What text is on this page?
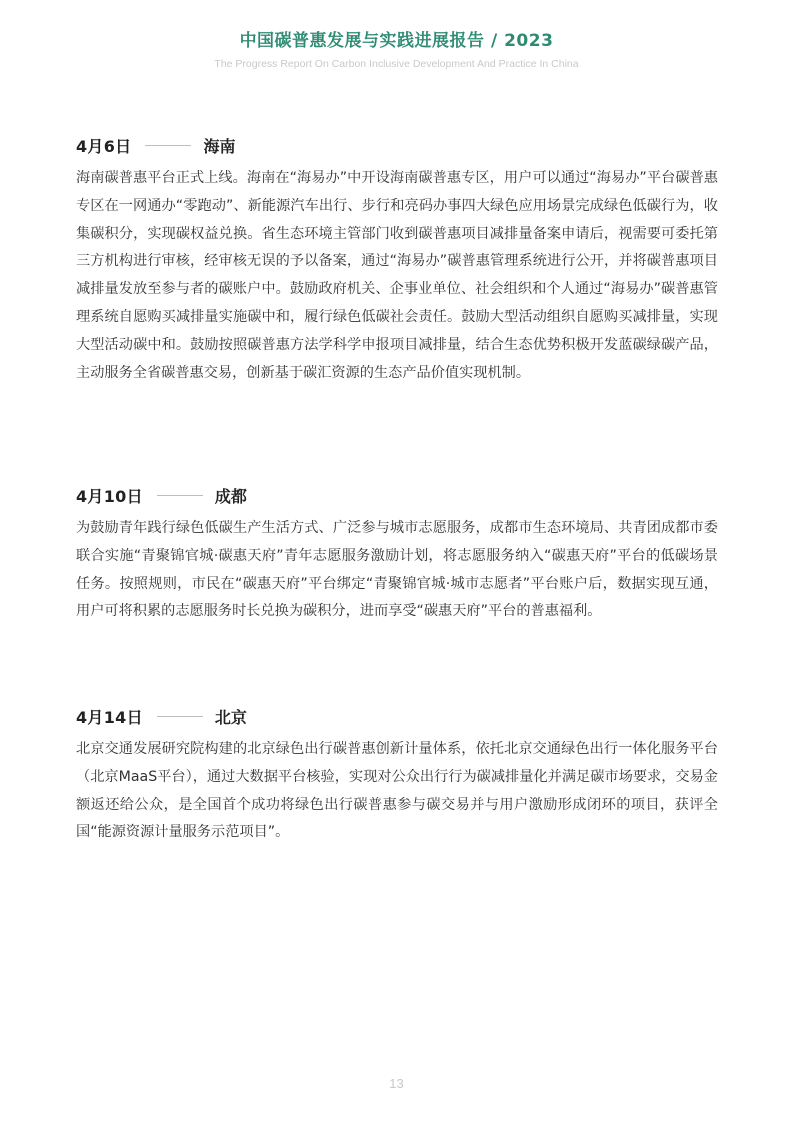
中国碳普惠发展与实践进展报告 / 2023
The Progress Report On Carbon Inclusive Development And Practice In China
4月6日	海南
海南碳普惠平台正式上线。海南在“海易办”中开设海南碳普惠专区，用户可以通过“海易办”平台碳普惠专区在一网通办“零跑动”、新能源汽车出行、步行和亮码办事四大绿色应用场景完成绿色低碳行为，收集碳积分，实现碳权益兑换。省生态环境主管部门收到碳普惠项目减排量备案申请后，视需要可委托第三方机构进行审核，经审核无误的予以备案，通过“海易办”碳普惠管理系统进行公开，并将碳普惠项目减排量发放至参与者的碳账户中。鼓励政府机关、企事业单位、社会组织和个人通过“海易办”碳普惠管理系统自愿购买减排量实施碳中和，履行绿色低碳社会责任。鼓励大型活动组织自愿购买减排量，实现大型活动碳中和。鼓励按照碳普惠方法学科学申报项目减排量，结合生态优势积极开发蓝碳绿碳产品，主动服务全省碳普惠交易，创新基于碳汇资源的生态产品价值实现机制。
4月10日	成都
为鼓励青年践行绿色低碳生产生活方式、广泛参与城市志愿服务，成都市生态环境局、共青团成都市委联合实施“青聚锦官城·碳惠天府”青年志愿服务激励计划，将志愿服务纳入“碳惠天府”平台的低碳场景任务。按照规则，市民在“碳惠天府”平台绑定“青聚锦官城·城市志愿者”平台账户后，数据实现互通，用户可将积累的志愿服务时长兑换为碳积分，进而享受“碳惠天府”平台的普惠福利。
4月14日	北京
北京交通发展研究院构建的北京绿色出行碳普惠创新计量体系，依托北京交通绿色出行一体化服务平台（北京MaaS平台），通过大数据平台核验，实现对公众出行行为碳减排量化并满足碳市场要求，交易金额返还给公众，是全国首个成功将绿色出行碳普惠参与碳交易并与用户激励形成闭环的项目，获评全国“能源资源计量服务示范项目”。
13
